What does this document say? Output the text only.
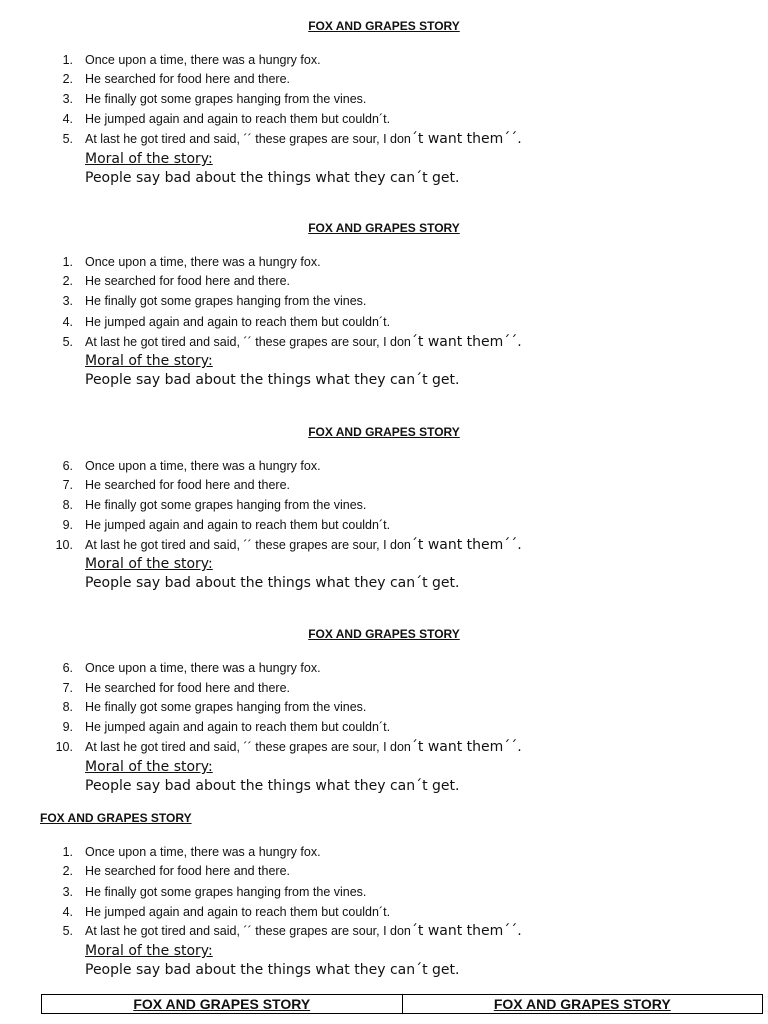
FOX AND GRAPES STORY
1. Once upon a time, there was a hungry fox.
2. He searched for food here and there.
3. He finally got some grapes hanging from the vines.
4. He jumped again and again to reach them but couldn´t.
5. At last he got tired and said, ´´ these grapes are sour, I don´t want them´´.
Moral of the story:
People say bad about the things what they can´t get.
FOX AND GRAPES STORY
1. Once upon a time, there was a hungry fox.
2. He searched for food here and there.
3. He finally got some grapes hanging from the vines.
4. He jumped again and again to reach them but couldn´t.
5. At last he got tired and said, ´´ these grapes are sour, I don´t want them´´.
Moral of the story:
People say bad about the things what they can´t get.
FOX AND GRAPES STORY
6. Once upon a time, there was a hungry fox.
7. He searched for food here and there.
8. He finally got some grapes hanging from the vines.
9. He jumped again and again to reach them but couldn´t.
10. At last he got tired and said, ´´ these grapes are sour, I don´t want them´´.
Moral of the story:
People say bad about the things what they can´t get.
FOX AND GRAPES STORY
6. Once upon a time, there was a hungry fox.
7. He searched for food here and there.
8. He finally got some grapes hanging from the vines.
9. He jumped again and again to reach them but couldn´t.
10. At last he got tired and said, ´´ these grapes are sour, I don´t want them´´.
Moral of the story:
People say bad about the things what they can´t get.
FOX AND GRAPES STORY
1. Once upon a time, there was a hungry fox.
2. He searched for food here and there.
3. He finally got some grapes hanging from the vines.
4. He jumped again and again to reach them but couldn´t.
5. At last he got tired and said, ´´ these grapes are sour, I don´t want them´´.
Moral of the story:
People say bad about the things what they can´t get.
FOX AND GRAPES STORY	FOX AND GRAPES STORY
